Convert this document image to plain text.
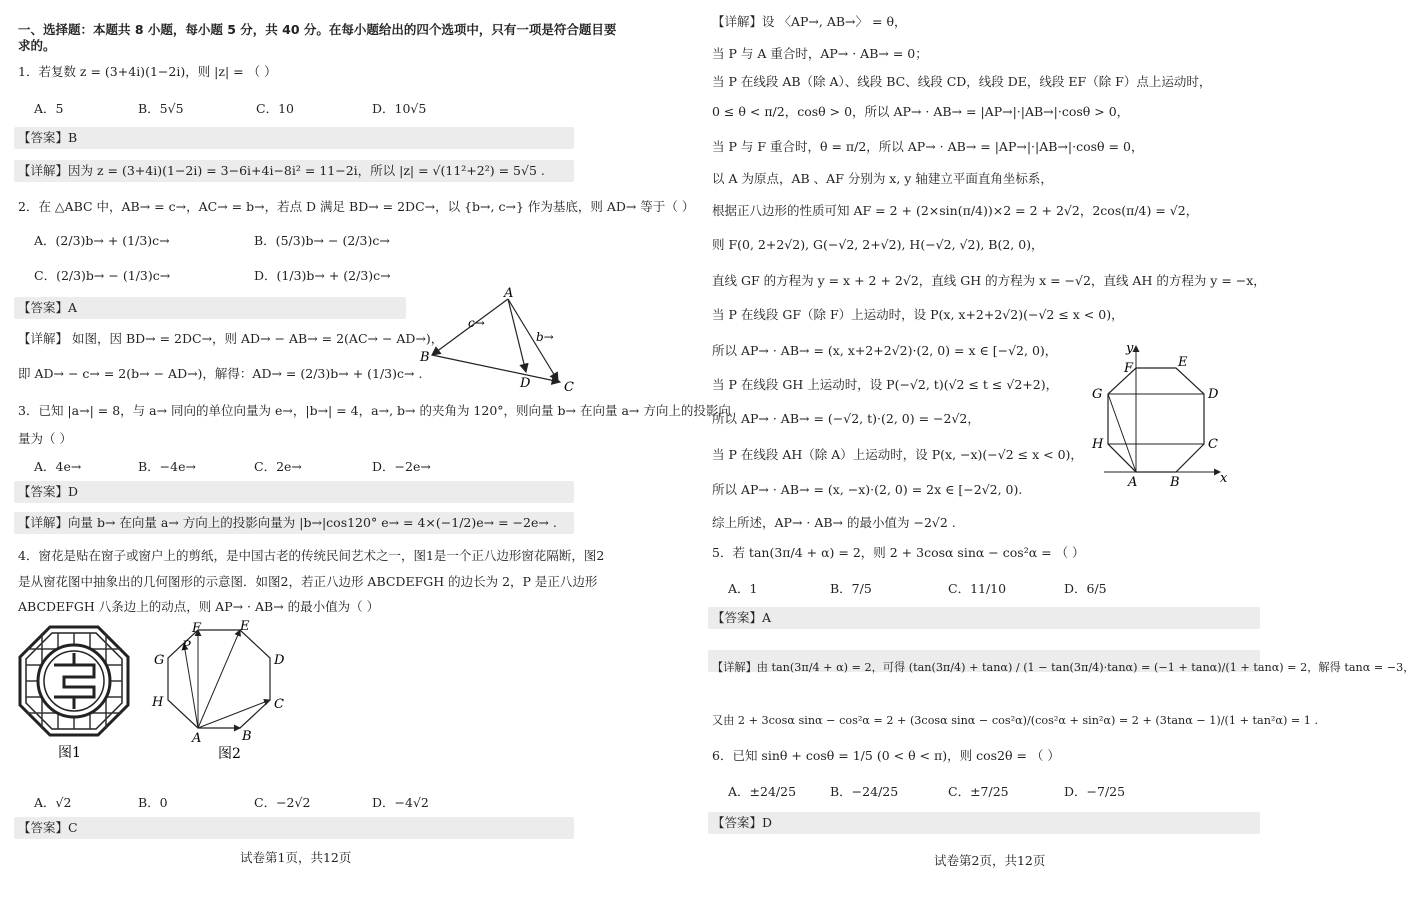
一、选择题：本题共 8 小题，每小题 5 分，共 40 分。在每小题给出的四个选项中，只有一项是符合题目要
求的。
1．若复数 z = (3+4i)(1−2i)，则 |z| = （ ）
A．5	B．5√5	C．10	D．10√5
【答案】B
【详解】因为 z = (3+4i)(1−2i) = 3−6i+4i−8i² = 11−2i，所以 |z| = √(11²+2²) = 5√5 .
2．在 △ABC 中，AB→ = c→，AC→ = b→，若点 D 满足 BD→ = 2DC→，以 {b→, c→} 作为基底，则 AD→ 等于（ ）
A．(2/3)b→ + (1/3)c→	B．(5/3)b→ − (2/3)c→
C．(2/3)b→ − (1/3)c→	D．(1/3)b→ + (2/3)c→
【答案】A
【详解】 如图，因 BD→ = 2DC→，则 AD→ − AB→ = 2(AC→ − AD→)，
即 AD→ − c→ = 2(b→ − AD→)，解得：AD→ = (2/3)b→ + (1/3)c→ .
A
B
C
D
c→
b→
3．已知 |a→| = 8，与 a→ 同向的单位向量为 e→，|b→| = 4，a→, b→ 的夹角为 120°，则向量 b→ 在向量 a→ 方向上的投影向
量为（ ）
A．4e→	B．−4e→	C．2e→	D．−2e→
【答案】D
【详解】向量 b→ 在向量 a→ 方向上的投影向量为 |b→|cos120° e→ = 4×(−1/2)e→ = −2e→ .
4．窗花是贴在窗子或窗户上的剪纸，是中国古老的传统民间艺术之一，图1是一个正八边形窗花隔断，图2
是从窗花图中抽象出的几何图形的示意图．如图2，若正八边形 ABCDEFGH 的边长为 2，P 是正八边形
ABCDEFGH 八条边上的动点，则 AP→ · AB→ 的最小值为（ ）
图1
F	E
P
G	D
H	C
A	B
图2
A．√2	B．0	C．−2√2	D．−4√2
【答案】C
试卷第1页，共12页
【详解】设 〈AP→, AB→〉 = θ，
当 P 与 A 重合时，AP→ · AB→ = 0；
当 P 在线段 AB（除 A）、线段 BC、线段 CD，线段 DE，线段 EF（除 F）点上运动时，
0 ≤ θ < π/2，cosθ > 0，所以 AP→ · AB→ = |AP→|·|AB→|·cosθ > 0，
当 P 与 F 重合时，θ = π/2，所以 AP→ · AB→ = |AP→|·|AB→|·cosθ = 0，
以 A 为原点，AB 、AF 分别为 x, y 轴建立平面直角坐标系，
根据正八边形的性质可知 AF = 2 + (2×sin(π/4))×2 = 2 + 2√2，2cos(π/4) = √2，
则 F(0, 2+2√2), G(−√2, 2+√2), H(−√2, √2), B(2, 0)，
直线 GF 的方程为 y = x + 2 + 2√2，直线 GH 的方程为 x = −√2，直线 AH 的方程为 y = −x，
当 P 在线段 GF（除 F）上运动时，设 P(x, x+2+2√2)(−√2 ≤ x < 0)，
所以 AP→ · AB→ = (x, x+2+2√2)·(2, 0) = x ∈ [−√2, 0)，
当 P 在线段 GH 上运动时，设 P(−√2, t)(√2 ≤ t ≤ √2+2)，
所以 AP→ · AB→ = (−√2, t)·(2, 0) = −2√2，
当 P 在线段 AH（除 A）上运动时，设 P(x, −x)(−√2 ≤ x < 0)，
所以 AP→ · AB→ = (x, −x)·(2, 0) = 2x ∈ [−2√2, 0).
综上所述，AP→ · AB→ 的最小值为 −2√2 .
y
F	E
G	D
H	C
A	B	x
5．若 tan(3π/4 + α) = 2，则 2 + 3cosα sinα − cos²α = （ ）
A．1	B．7/5	C．11/10	D．6/5
【答案】A
【详解】由 tan(3π/4 + α) = 2，可得 (tan(3π/4) + tanα) / (1 − tan(3π/4)·tanα) = (−1 + tanα)/(1 + tanα) = 2，解得 tanα = −3，
又由 2 + 3cosα sinα − cos²α = 2 + (3cosα sinα − cos²α)/(cos²α + sin²α) = 2 + (3tanα − 1)/(1 + tan²α) = 1 .
6．已知 sinθ + cosθ = 1/5 (0 < θ < π)，则 cos2θ = （ ）
A．±24/25	B．−24/25	C．±7/25	D．−7/25
【答案】D
试卷第2页，共12页
